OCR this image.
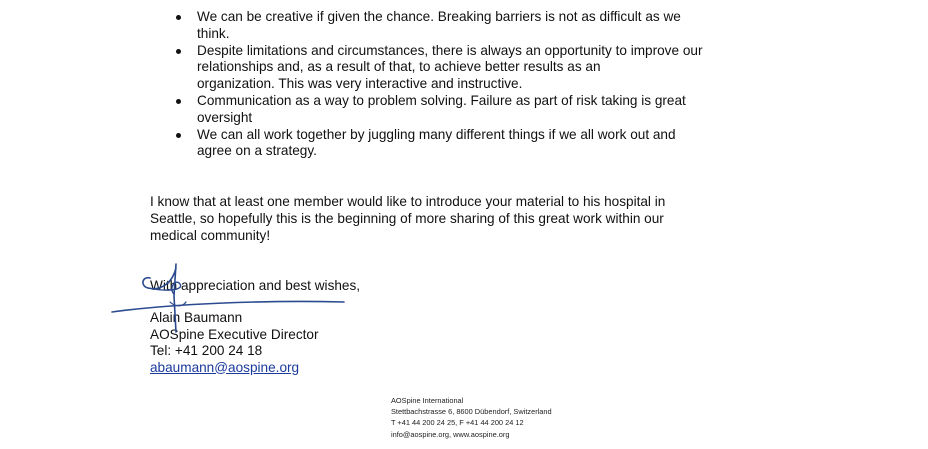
We can be creative if given the chance. Breaking barriers is not as difficult as we
think.
Despite limitations and circumstances, there is always an opportunity to improve our
relationships and, as a result of that, to achieve better results as an
organization. This was very interactive and instructive.
Communication as a way to problem solving. Failure as part of risk taking is great
oversight
We can all work together by juggling many different things if we all work out and
agree on a strategy.

I know that at least one member would like to introduce your material to his hospital in
Seattle, so hopefully this is the beginning of more sharing of this great work within our
medical community!

With appreciation and best wishes,

Alain Baumann
AOSpine Executive Director
Tel: +41 200 24 18
abaumann@aospine.org
AOSpine International
Stettbachstrasse 6, 8600 Dübendorf, Switzerland
T +41 44 200 24 25, F +41 44 200 24 12
info@aospine.org, www.aospine.org
